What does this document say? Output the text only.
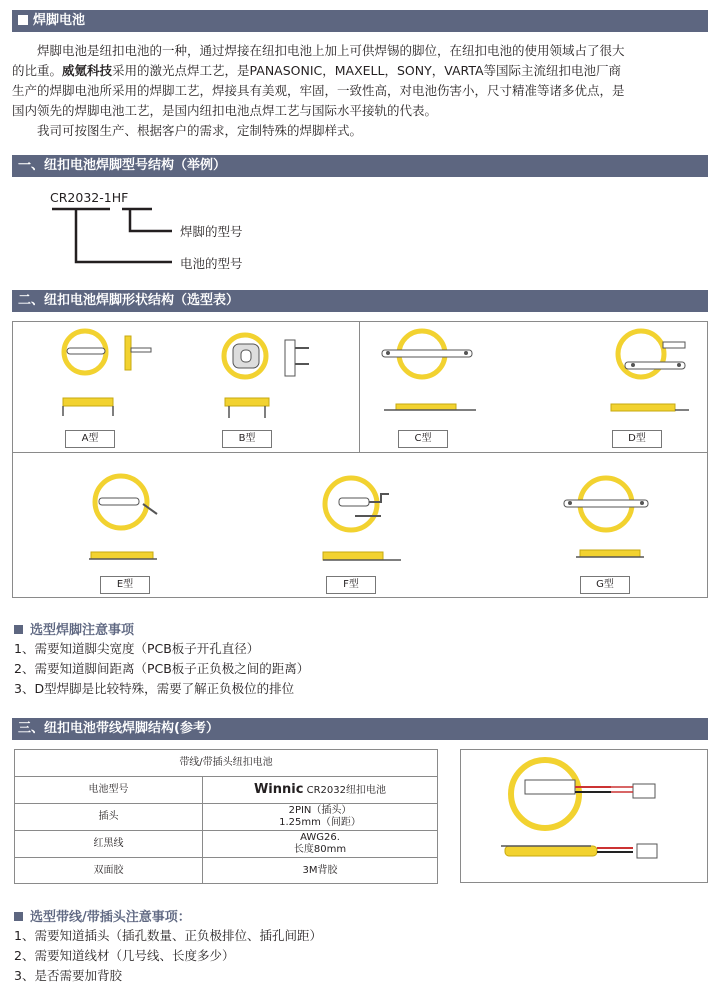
焊脚电池

焊脚电池是纽扣电池的一种，通过焊接在纽扣电池上加上可供焊锡的脚位，在纽扣电池的使用领域占了很大

的比重。威氪科技采用的激光点焊工艺，是PANASONIC，MAXELL，SONY，VARTA等国际主流纽扣电池厂商

生产的焊脚电池所采用的焊脚工艺，焊接具有美观，牢固，一致性高，对电池伤害小，尺寸精准等诸多优点，是

国内领先的焊脚电池工艺，是国内纽扣电池点焊工艺与国际水平接轨的代表。

我司可按图生产、根据客户的需求，定制特殊的焊脚样式。

一、纽扣电池焊脚型号结构（举例）
CR2032-1HF
焊脚的型号
电池的型号
二、纽扣电池焊脚形状结构（选型表）
A型	B型	C型	D型
E型	F型	G型
选型焊脚注意事项
1、需要知道脚尖宽度（PCB板子开孔直径）
2、需要知道脚间距离（PCB板子正负极之间的距离）
3、D型焊脚是比较特殊，需要了解正负极位的排位
三、纽扣电池带线焊脚结构(参考）
带线/带插头纽扣电池	
电池型号	Winnic CR2032纽扣电池
插头	2PIN（插头）
1.25mm（间距）

红黑线	AWG26.
长度80mm

双面胶	3M背胶
选型带线/带插头注意事项：
1、需要知道插头（插孔数量、正负极排位、插孔间距）
2、需要知道线材（几号线、长度多少）
3、是否需要加背胶
